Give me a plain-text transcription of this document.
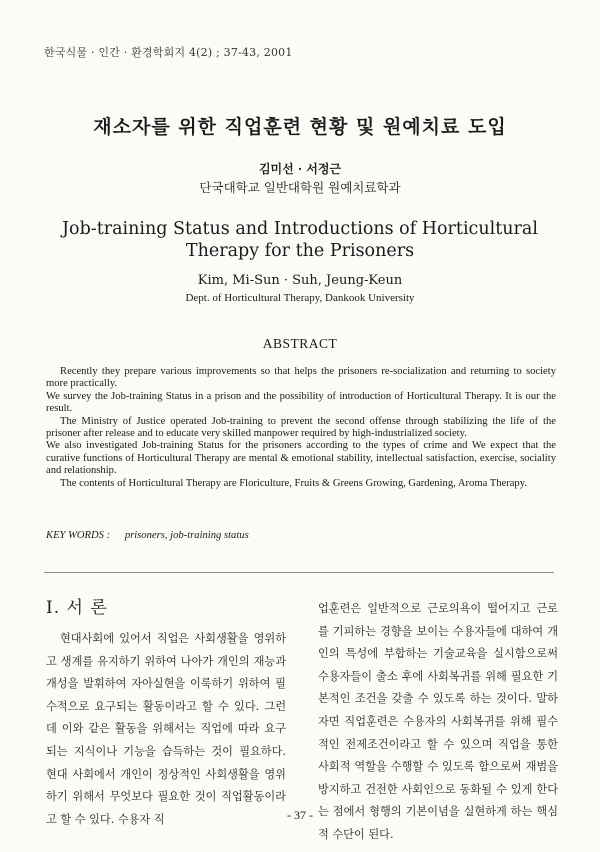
한국식물 · 인간 · 환경학회지 4(2) ; 37-43, 2001
재소자를 위한 직업훈련 현황 및 원예치료 도입
김미선 · 서정근
단국대학교 일반대학원 원예치료학과
Job-training Status and Introductions of Horticultural Therapy for the Prisoners
Kim, Mi-Sun · Suh, Jeung-Keun
Dept. of Horticultural Therapy, Dankook University
ABSTRACT

Recently they prepare various improvements so that helps the prisoners re-socialization and returning to society more practically.

We survey the Job-training Status in a prison and the possibility of introduction of Horticultural Therapy. It is our the result.

The Ministry of Justice operated Job-training to prevent the second offense through stabilizing the life of the prisoner after release and to educate very skilled manpower required by high-industrialized society.

We also investigated Job-training Status for the prisoners according to the types of crime and We expect that the curative functions of Horticultural Therapy are mental & emotional stability, intellectual satisfaction, exercise, sociality and relationship.

The contents of Horticultural Therapy are Floriculture, Fruits & Greens Growing, Gardening, Aroma Therapy.

KEY WORDS : prisoners, job-training status
Ⅰ. 서 론

현대사회에 있어서 직업은 사회생활을 영위하고 생계를 유지하기 위하여 나아가 개인의 재능과 개성을 발휘하여 자아실현을 이룩하기 위하여 필수적으로 요구되는 활동이라고 할 수 있다. 그런데 이와 같은 활동을 위해서는 직업에 따라 요구되는 지식이나 기능을 습득하는 것이 필요하다. 현대 사회에서 개인이 정상적인 사회생활을 영위하기 위해서 무엇보다 필요한 것이 직업활동이라고 할 수 있다. 수용자 직

업훈련은 일반적으로 근로의욕이 떨어지고 근로를 기피하는 경향을 보이는 수용자들에 대하여 개인의 특성에 부합하는 기술교육을 실시함으로써 수용자들이 출소 후에 사회복귀를 위해 필요한 기본적인 조건을 갖출 수 있도록 하는 것이다. 말하자면 직업훈련은 수용자의 사회복귀를 위해 필수적인 전제조건이라고 할 수 있으며 직업을 통한 사회적 역할을 수행할 수 있도록 함으로써 재범을 방지하고 건전한 사회인으로 동화될 수 있게 한다는 점에서 형행의 기본이념을 실현하게 하는 핵심적 수단이 된다.

- 37 -
